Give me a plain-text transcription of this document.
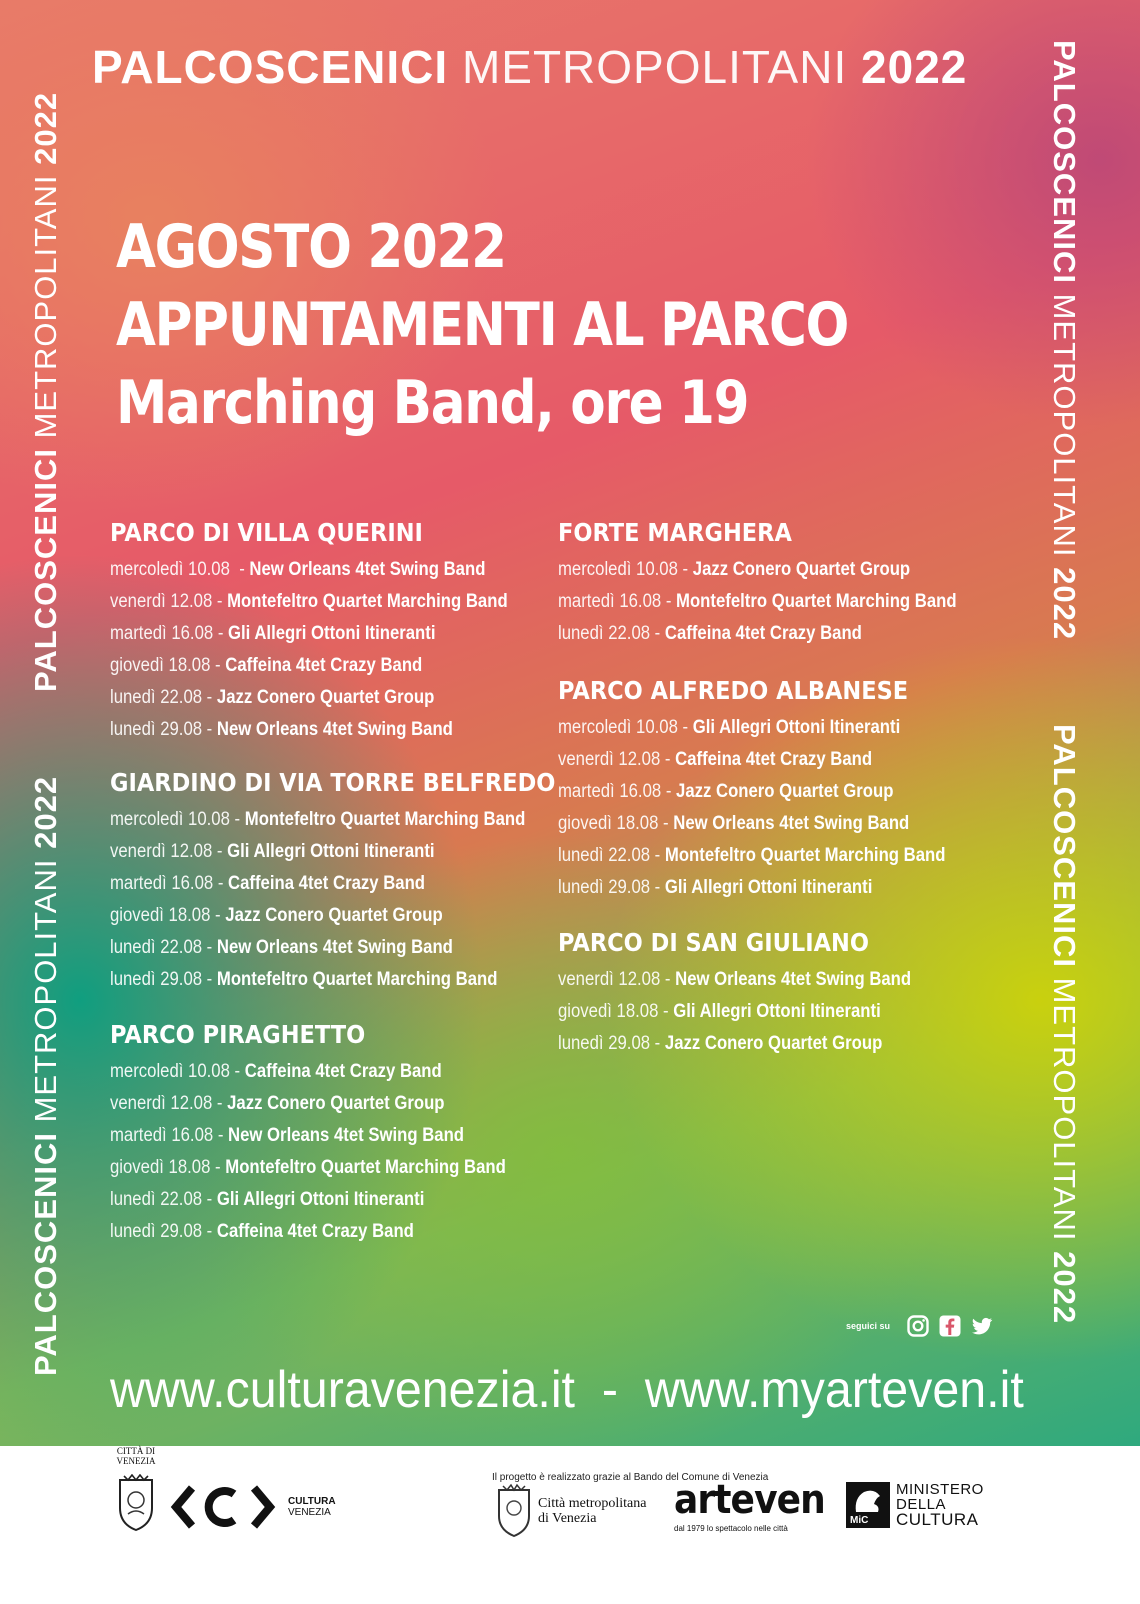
PALCOSCENICI METROPOLITANI 2022
PALCOSCENICI METROPOLITANI 2022
PALCOSCENICI METROPOLITANI 2022
PALCOSCENICI METROPOLITANI 2022
PALCOSCENICI METROPOLITANI 2022
AGOSTO 2022
APPUNTAMENTI AL PARCO
Marching Band, ore 19
PARCO DI VILLA QUERINI
mercoledì 10.08  - New Orleans 4tet Swing Band
venerdì 12.08 - Montefeltro Quartet Marching Band
martedì 16.08 - Gli Allegri Ottoni Itineranti
giovedì 18.08 - Caffeina 4tet Crazy Band
lunedì 22.08 - Jazz Conero Quartet Group
lunedì 29.08 - New Orleans 4tet Swing Band
GIARDINO DI VIA TORRE BELFREDO
mercoledì 10.08 - Montefeltro Quartet Marching Band
venerdì 12.08 - Gli Allegri Ottoni Itineranti
martedì 16.08 - Caffeina 4tet Crazy Band
giovedì 18.08 - Jazz Conero Quartet Group
lunedì 22.08 - New Orleans 4tet Swing Band
lunedì 29.08 - Montefeltro Quartet Marching Band
PARCO PIRAGHETTO
mercoledì 10.08 - Caffeina 4tet Crazy Band
venerdì 12.08 - Jazz Conero Quartet Group
martedì 16.08 - New Orleans 4tet Swing Band
giovedì 18.08 - Montefeltro Quartet Marching Band
lunedì 22.08 - Gli Allegri Ottoni Itineranti
lunedì 29.08 - Caffeina 4tet Crazy Band
FORTE MARGHERA
mercoledì 10.08 - Jazz Conero Quartet Group
martedì 16.08 - Montefeltro Quartet Marching Band
lunedì 22.08 - Caffeina 4tet Crazy Band
PARCO ALFREDO ALBANESE
mercoledì 10.08 - Gli Allegri Ottoni Itineranti
venerdì 12.08 - Caffeina 4tet Crazy Band
martedì 16.08 - Jazz Conero Quartet Group
giovedì 18.08 - New Orleans 4tet Swing Band
lunedì 22.08 - Montefeltro Quartet Marching Band
lunedì 29.08 - Gli Allegri Ottoni Itineranti
PARCO DI SAN GIULIANO
venerdì 12.08 - New Orleans 4tet Swing Band
giovedì 18.08 - Gli Allegri Ottoni Itineranti
lunedì 29.08 - Jazz Conero Quartet Group
seguici su
www.culturavenezia.it  -  www.myarteven.it
Il progetto è realizzato grazie al Bando del Comune di Venezia
CITTÀ DI
VENEZIA
CULTURA
VENEZIA
Città metropolitana
di Venezia	arteven
dal 1979 lo spettacolo nelle città
MiC
MINISTERO
DELLA
CULTURA
